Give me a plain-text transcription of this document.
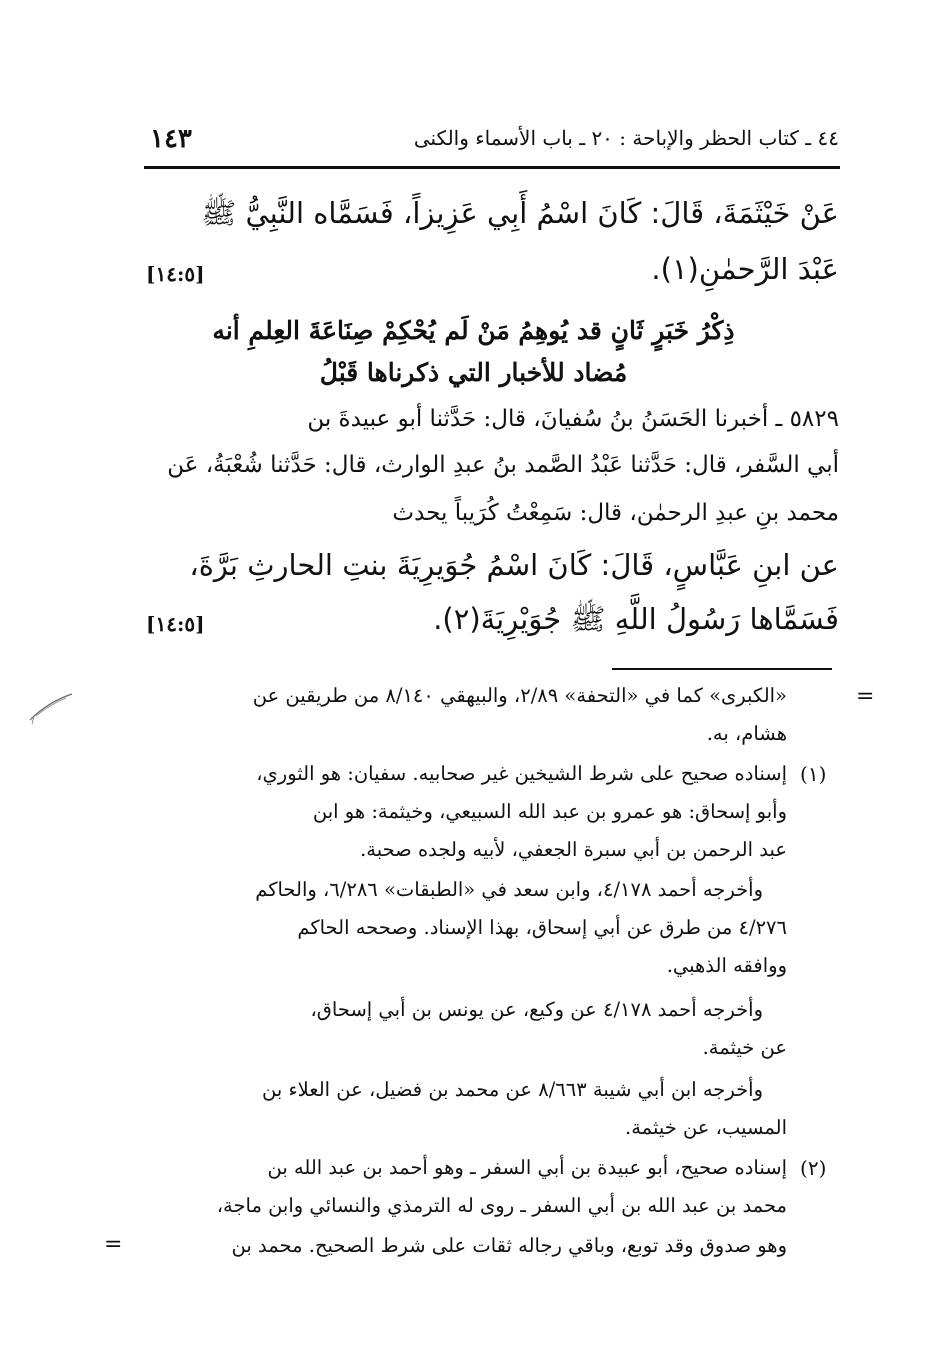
٤٤ ـ كتاب الحظر والإباحة : ٢٠ ـ باب الأسماء والكنى
١٤٣
عَنْ خَيْثَمَةَ، قَالَ: كَانَ اسْمُ أَبِي عَزِيزاً، فَسَمَّاه النَّبِيُّ ﷺ
عَبْدَ الرَّحمٰنِ(١).
[١٤:٥]
ذِكْرُ خَبَرٍ ثَانٍ قد يُوهِمُ مَنْ لَم يُحْكِمْ صِنَاعَةَ العِلمِ أنه
مُضاد للأخبار التي ذكرناها قَبْلُ
٥٨٢٩ ـ أخبرنا الحَسَنُ بنُ سُفيانَ، قال: حَدَّثنا أبو عبيدةَ بن
أبي السَّفر، قال: حَدَّثنا عَبْدُ الصَّمد بنُ عبدِ الوارث، قال: حَدَّثنا شُعْبَةُ، عَن
محمد بنِ عبدِ الرحمٰن، قال: سَمِعْتُ كُرَيباً يحدث
عن ابنِ عَبَّاسٍ، قَالَ: كَانَ اسْمُ جُوَيرِيَةَ بنتِ الحارثِ بَرَّةَ،
فَسَمَّاها رَسُولُ اللَّهِ ﷺ جُوَيْرِيَةَ(٢).
[١٤:٥]
=
«الكبرى» كما في «التحفة» ٢/٨٩، والبيهقي ٨/١٤٠ من طريقين عن
هشام، به.
(١)
إسناده صحيح على شرط الشيخين غير صحابيه. سفيان: هو الثوري،
وأبو إسحاق: هو عمرو بن عبد الله السبيعي، وخيثمة: هو ابن
عبد الرحمن بن أبي سبرة الجعفي، لأبيه ولجده صحبة.
وأخرجه أحمد ٤/١٧٨، وابن سعد في «الطبقات» ٦/٢٨٦، والحاكم
٤/٢٧٦ من طرق عن أبي إسحاق، بهذا الإسناد. وصححه الحاكم
ووافقه الذهبي.
وأخرجه أحمد ٤/١٧٨ عن وكيع، عن يونس بن أبي إسحاق،
عن خيثمة.
وأخرجه ابن أبي شيبة ٨/٦٦٣ عن محمد بن فضيل، عن العلاء بن
المسيب، عن خيثمة.
(٢)
إسناده صحيح، أبو عبيدة بن أبي السفر ـ وهو أحمد بن عبد الله بن
محمد بن عبد الله بن أبي السفر ـ روى له الترمذي والنسائي وابن ماجة،
وهو صدوق وقد توبع، وباقي رجاله ثقات على شرط الصحيح. محمد بن
=
